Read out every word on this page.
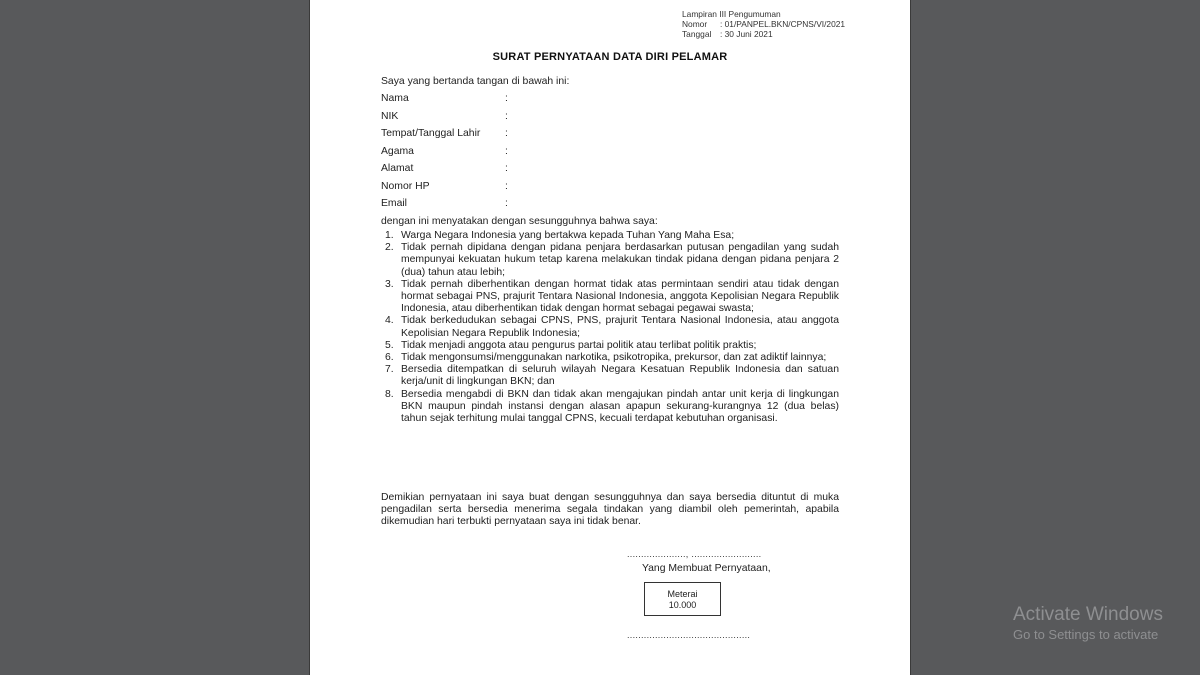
Lampiran III Pengumuman
Nomor : 01/PANPEL.BKN/CPNS/VI/2021
Tanggal : 30 Juni 2021
SURAT PERNYATAAN DATA DIRI PELAMAR
Saya yang bertanda tangan di bawah ini:
Nama	:
NIK	:
Tempat/Tanggal Lahir :
Agama	:
Alamat	:
Nomor HP	:
Email	:
dengan ini menyatakan dengan sesungguhnya bahwa saya:
1. Warga Negara Indonesia yang bertakwa kepada Tuhan Yang Maha Esa;
2. Tidak pernah dipidana dengan pidana penjara berdasarkan putusan pengadilan yang sudah mempunyai kekuatan hukum tetap karena melakukan tindak pidana dengan pidana penjara 2 (dua) tahun atau lebih;
3. Tidak pernah diberhentikan dengan hormat tidak atas permintaan sendiri atau tidak dengan hormat sebagai PNS, prajurit Tentara Nasional Indonesia, anggota Kepolisian Negara Republik Indonesia, atau diberhentikan tidak dengan hormat sebagai pegawai swasta;
4. Tidak berkedudukan sebagai CPNS, PNS, prajurit Tentara Nasional Indonesia, atau anggota Kepolisian Negara Republik Indonesia;
5. Tidak menjadi anggota atau pengurus partai politik atau terlibat politik praktis;
6. Tidak mengonsumsi/menggunakan narkotika, psikotropika, prekursor, dan zat adiktif lainnya;
7. Bersedia ditempatkan di seluruh wilayah Negara Kesatuan Republik Indonesia dan satuan kerja/unit di lingkungan BKN; dan
8. Bersedia mengabdi di BKN dan tidak akan mengajukan pindah antar unit kerja di lingkungan BKN maupun pindah instansi dengan alasan apapun sekurang-kurangnya 12 (dua belas) tahun sejak terhitung mulai tanggal CPNS, kecuali terdapat kebutuhan organisasi.
Demikian pernyataan ini saya buat dengan sesungguhnya dan saya bersedia dituntut di muka pengadilan serta bersedia menerima segala tindakan yang diambil oleh pemerintah, apabila dikemudian hari terbukti pernyataan saya ini tidak benar.
....................., .........................
Yang Membuat Pernyataan,
Meterai
10.000
............................................
Activate Windows
Go to Settings to activate
